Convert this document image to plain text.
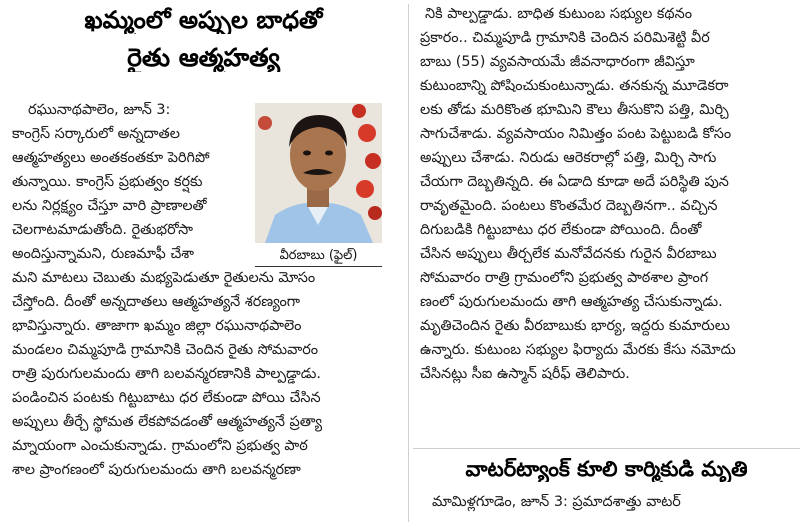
ఖమ్మంలో అప్పుల బాధతో
రైతు ఆత్మహత్య

రఘునాథపాలెం, జూన్ 3:

కాంగ్రెస్ సర్కారులో అన్నదాతల

ఆత్మహత్యలు అంతకంతకూ పెరిగిపో

తున్నాయి. కాంగ్రెస్ ప్రభుత్వం కర్షకు

లను నిర్లక్ష్యం చేస్తూ వారి ప్రాణాలతో

చెలగాటమాడుతోంది. రైతుభరోసా

అందిస్తున్నామని, రుణమాఫీ చేశా

మని మాటలు చెబుతు మభ్యపెడుతూ రైతులను మోసం

చేస్తోంది. దీంతో అన్నదాతలు ఆత్మహత్యనే శరణ్యంగా

భావిస్తున్నారు. తాజాగా ఖమ్మం జిల్లా రఘునాథపాలెం

మండలం చిమ్మపూడి గ్రామానికి చెందిన రైతు సోమవారం

రాత్రి పురుగులమందు తాగి బలవన్మరణానికి పాల్పడ్డాడు.

పండించిన పంటకు గిట్టుబాటు ధర లేకుండా పోయి చేసిన

అప్పులు తీర్చే స్థోమత లేకపోవడంతో ఆత్మహత్యనే ప్రత్యా

మ్నాయంగా ఎంచుకున్నాడు. గ్రామంలోని ప్రభుత్వ పాఠ

శాల ప్రాంగణంలో పురుగులమందు తాగి బలవన్మరణా

వీరబాబు (ఫైల్)

నికి పాల్పడ్డాడు. బాధిత కుటుంబ సభ్యుల కథనం

ప్రకారం.. చిమ్మపూడి గ్రామానికి చెందిన పరిమిశెట్టి వీర

బాబు (55) వ్యవసాయమే జీవనాధారంగా జీవిస్తూ

కుటుంబాన్ని పోషించుకుంటున్నాడు. తనకున్న మూడెకరా

లకు తోడు మరికొంత భూమిని కౌలు తీసుకొని పత్తి, మిర్చి

సాగుచేశాడు. వ్యవసాయం నిమిత్తం పంట పెట్టుబడి కోసం

అప్పులు చేశాడు. నిరుడు ఆరెకరాల్లో పత్తి, మిర్చి సాగు

చేయగా దెబ్బతిన్నది. ఈ ఏడాది కూడా అదే పరిస్థితి పున

రావృతమైంది. పంటలు కొంతమేర దెబ్బతినగా.. వచ్చిన

దిగుబడికి గిట్టుబాటు ధర లేకుండా పోయింది. దీంతో

చేసిన అప్పులు తీర్చలేక మనోవేదనకు గురైన వీరబాబు

సోమవారం రాత్రి గ్రామంలోని ప్రభుత్వ పాఠశాల ప్రాంగ

ణంలో పురుగులమందు తాగి ఆత్మహత్య చేసుకున్నాడు.

మృతిచెందిన రైతు వీరబాబుకు భార్య, ఇద్దరు కుమారులు

ఉన్నారు. కుటుంబ సభ్యుల ఫిర్యాదు మేరకు కేసు నమోదు

చేసినట్లు సీఐ ఉస్మాన్ షరీఫ్ తెలిపారు.

వాటర్‌ట్యాంక్ కూలి కార్మికుడి మృతి

మామిళ్లగూడెం, జూన్ 3: ప్రమాదశాత్తు వాటర్
